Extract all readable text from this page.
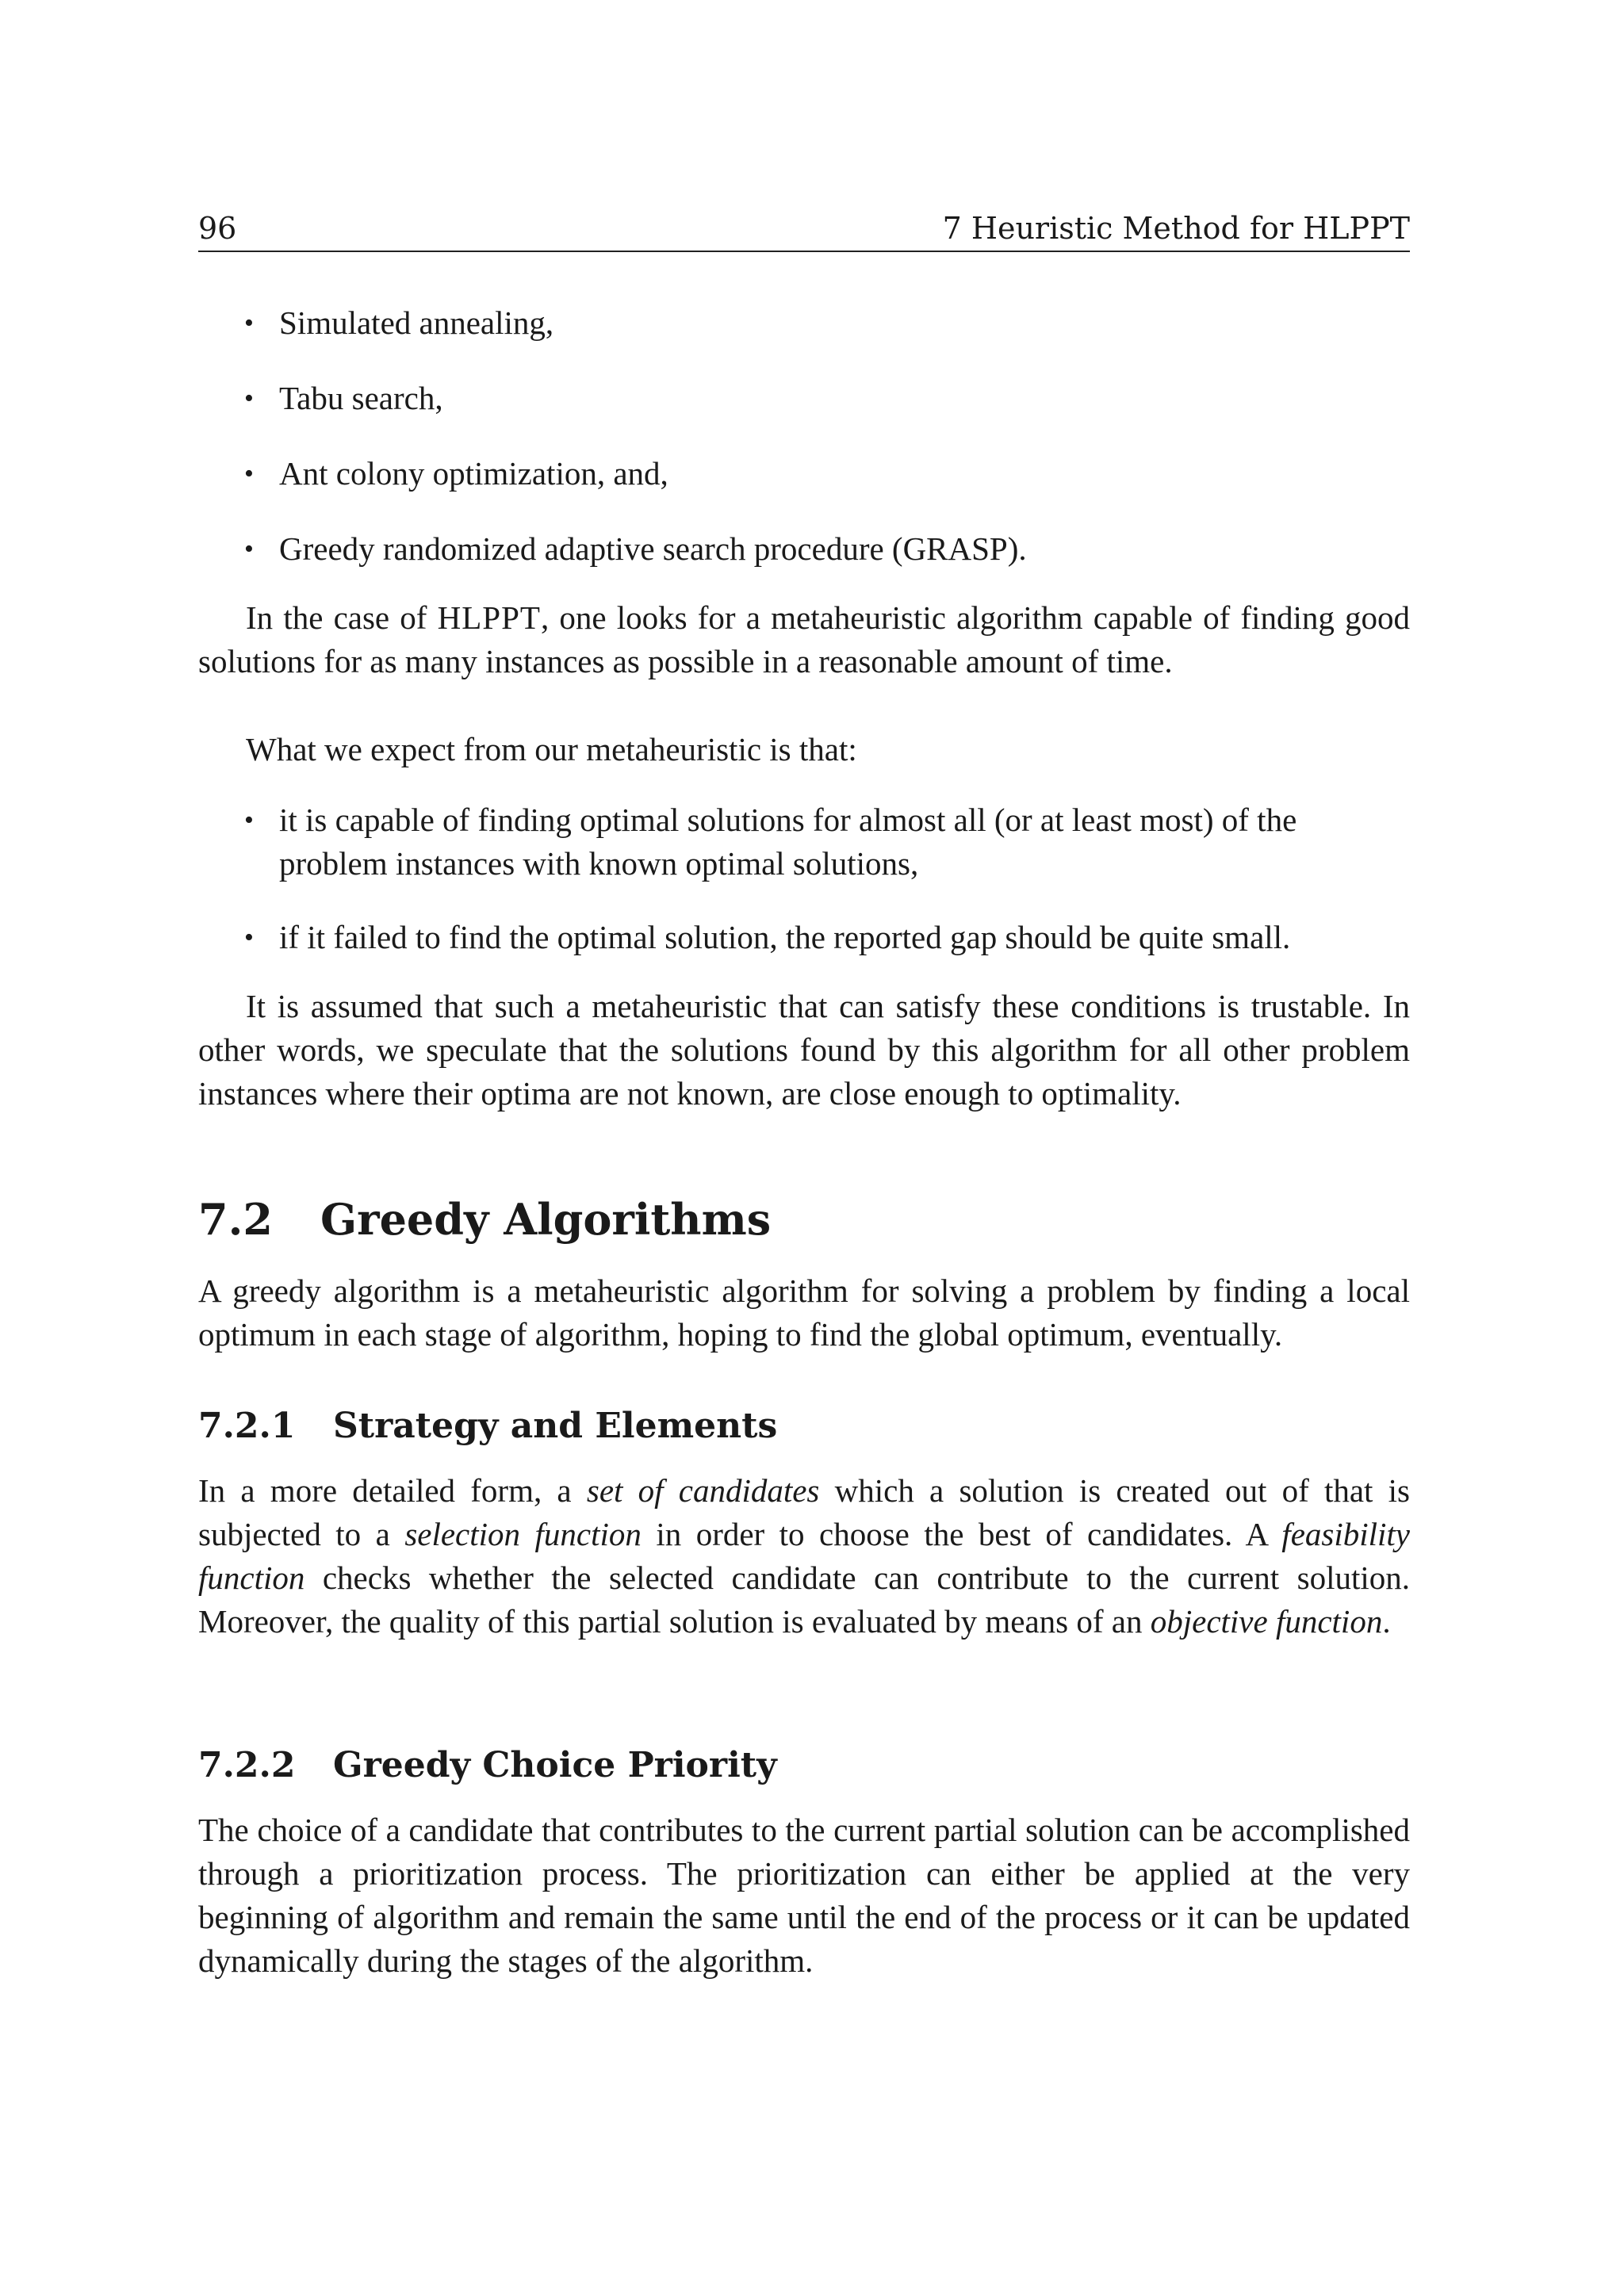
96	7 Heuristic Method for HLPPT
• Simulated annealing,
• Tabu search,
• Ant colony optimization, and,
• Greedy randomized adaptive search procedure (GRASP).

In the case of HLPPT, one looks for a metaheuristic algorithm capable of finding good solutions for as many instances as possible in a reasonable amount of time.

What we expect from our metaheuristic is that:

• it is capable of finding optimal solutions for almost all (or at least most) of the problem instances with known optimal solutions,
• if it failed to find the optimal solution, the reported gap should be quite small.

It is assumed that such a metaheuristic that can satisfy these conditions is trustable. In other words, we speculate that the solutions found by this algorithm for all other problem instances where their optima are not known, are close enough to optimality.

7.2 Greedy Algorithms

A greedy algorithm is a metaheuristic algorithm for solving a problem by finding a local optimum in each stage of algorithm, hoping to find the global optimum, eventually.

7.2.1 Strategy and Elements

In a more detailed form, a set of candidates which a solution is created out of that is subjected to a selection function in order to choose the best of candidates. A feasibility function checks whether the selected candidate can contribute to the current solution. Moreover, the quality of this partial solution is evaluated by means of an objective function.

7.2.2 Greedy Choice Priority

The choice of a candidate that contributes to the current partial solution can be accomplished through a prioritization process. The prioritization can either be applied at the very beginning of algorithm and remain the same until the end of the process or it can be updated dynamically during the stages of the algorithm.
